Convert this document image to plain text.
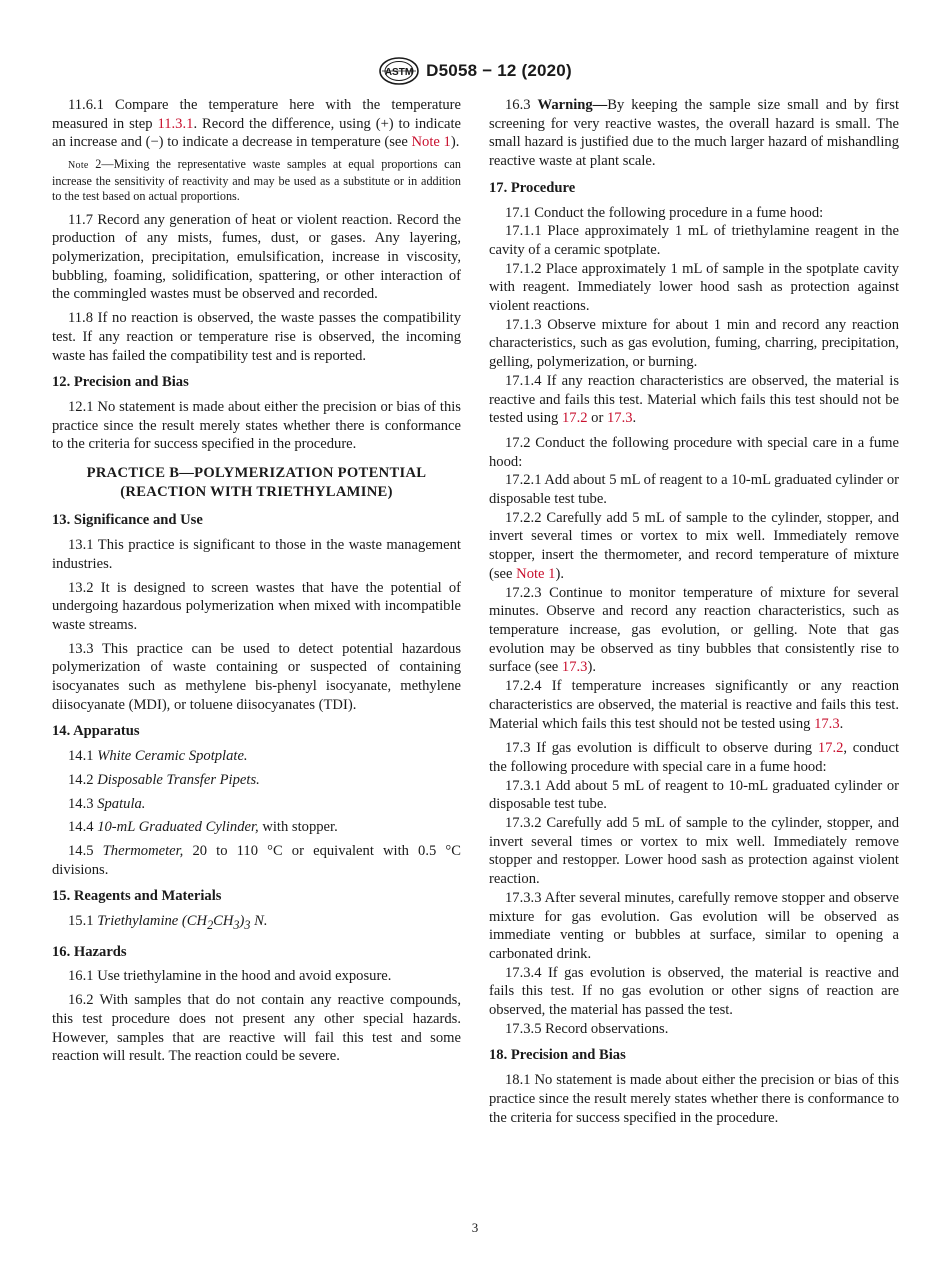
ASTM D5058 − 12 (2020)

11.6.1 Compare the temperature here with the temperature measured in step 11.3.1. Record the difference, using (+) to indicate an increase and (−) to indicate a decrease in temperature (see Note 1).

Note 2—Mixing the representative waste samples at equal proportions can increase the sensitivity of reactivity and may be used as a substitute or in addition to the test based on actual proportions.

11.7 Record any generation of heat or violent reaction. Record the production of any mists, fumes, dust, or gases. Any layering, polymerization, precipitation, emulsification, increase in viscosity, bubbling, foaming, solidification, spattering, or other interaction of the commingled wastes must be observed and recorded.

11.8 If no reaction is observed, the waste passes the compatibility test. If any reaction or temperature rise is observed, the incoming waste has failed the compatibility test and is reported.

12. Precision and Bias

12.1 No statement is made about either the precision or bias of this practice since the result merely states whether there is conformance to the criteria for success specified in the procedure.

PRACTICE B—POLYMERIZATION POTENTIAL
(REACTION WITH TRIETHYLAMINE)
13. Significance and Use

13.1 This practice is significant to those in the waste management industries.

13.2 It is designed to screen wastes that have the potential of undergoing hazardous polymerization when mixed with incompatible waste streams.

13.3 This practice can be used to detect potential hazardous polymerization of waste containing or suspected of containing isocyanates such as methylene bis-phenyl isocyanate, methylene diisocyanate (MDI), or toluene diisocyanates (TDI).

14. Apparatus

14.1 White Ceramic Spotplate.

14.2 Disposable Transfer Pipets.

14.3 Spatula.

14.4 10-mL Graduated Cylinder, with stopper.

14.5 Thermometer, 20 to 110 °C or equivalent with 0.5 °C divisions.

15. Reagents and Materials

15.1 Triethylamine $(CH_2CH_3)_3$ N.

16. Hazards

16.1 Use triethylamine in the hood and avoid exposure.

16.2 With samples that do not contain any reactive compounds, this test procedure does not present any other special hazards. However, samples that are reactive will fail this test and some reaction will result. The reaction could be severe.

16.3 Warning—By keeping the sample size small and by first screening for very reactive wastes, the overall hazard is small. The small hazard is justified due to the much larger hazard of mishandling reactive waste at plant scale.

17. Procedure

17.1 Conduct the following procedure in a fume hood:

17.1.1 Place approximately 1 mL of triethylamine reagent in the cavity of a ceramic spotplate.

17.1.2 Place approximately 1 mL of sample in the spotplate cavity with reagent. Immediately lower hood sash as protection against violent reactions.

17.1.3 Observe mixture for about 1 min and record any reaction characteristics, such as gas evolution, fuming, charring, precipitation, gelling, polymerization, or burning.

17.1.4 If any reaction characteristics are observed, the material is reactive and fails this test. Material which fails this test should not be tested using 17.2 or 17.3.

17.2 Conduct the following procedure with special care in a fume hood:

17.2.1 Add about 5 mL of reagent to a 10-mL graduated cylinder or disposable test tube.

17.2.2 Carefully add 5 mL of sample to the cylinder, stopper, and invert several times or vortex to mix well. Immediately remove stopper, insert the thermometer, and record temperature of mixture (see Note 1).

17.2.3 Continue to monitor temperature of mixture for several minutes. Observe and record any reaction characteristics, such as temperature increase, gas evolution, or gelling. Note that gas evolution may be observed as tiny bubbles that consistently rise to surface (see 17.3).

17.2.4 If temperature increases significantly or any reaction characteristics are observed, the material is reactive and fails this test. Material which fails this test should not be tested using 17.3.

17.3 If gas evolution is difficult to observe during 17.2, conduct the following procedure with special care in a fume hood:

17.3.1 Add about 5 mL of reagent to 10-mL graduated cylinder or disposable test tube.

17.3.2 Carefully add 5 mL of sample to the cylinder, stopper, and invert several times or vortex to mix well. Immediately remove stopper and restopper. Lower hood sash as protection against violent reaction.

17.3.3 After several minutes, carefully remove stopper and observe mixture for gas evolution. Gas evolution will be observed as immediate venting or bubbles at surface, similar to opening a carbonated drink.

17.3.4 If gas evolution is observed, the material is reactive and fails this test. If no gas evolution or other signs of reaction are observed, the material has passed the test.

17.3.5 Record observations.

18. Precision and Bias

18.1 No statement is made about either the precision or bias of this practice since the result merely states whether there is conformance to the criteria for success specified in the procedure.

3
